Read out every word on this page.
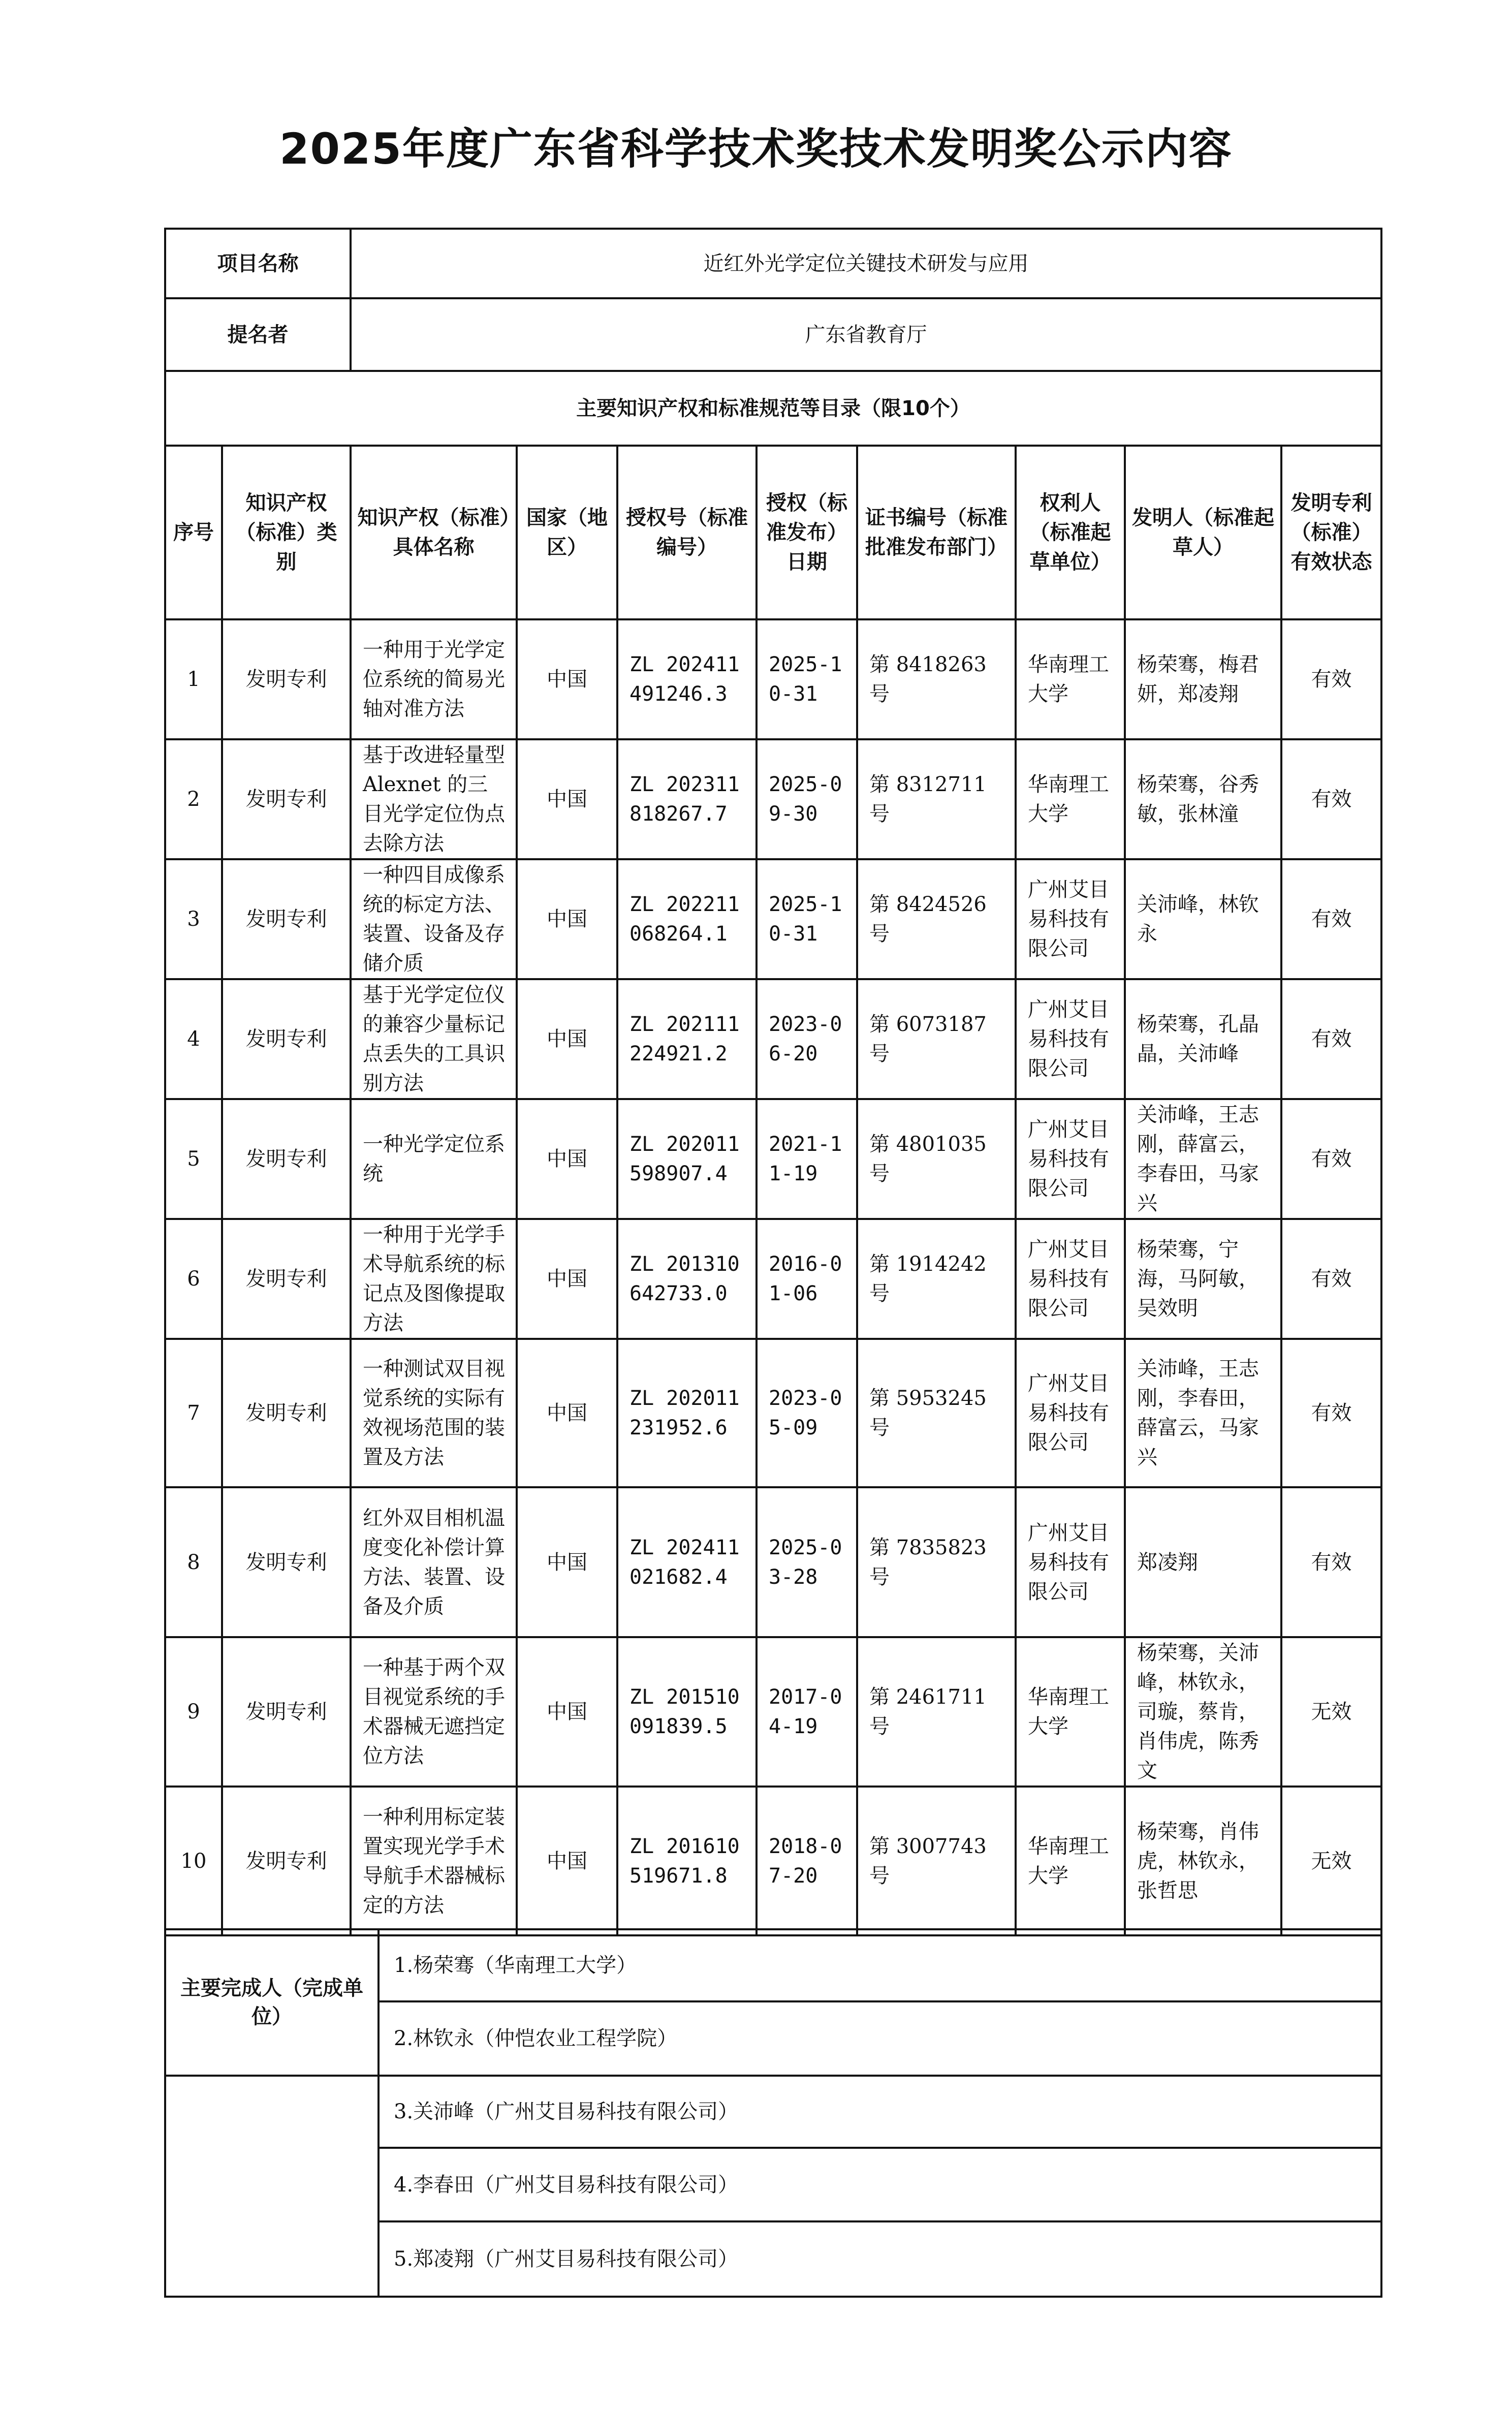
2025年度广东省科学技术奖技术发明奖公示内容
项目名称		近红外光学定位关键技术研发与应用							
提名者		广东省教育厅							
主要知识产权和标准规范等目录（限10个）									
序号	知识产权（标准）类别	知识产权（标准）具体名称	国家（地区）	授权号（标准编号）	授权（标准发布）日期	证书编号（标准批准发布部门）	权利人（标准起草单位）	发明人（标准起草人）	发明专利（标准）有效状态
1	发明专利	一种用于光学定位系统的简易光轴对准方法	中国	ZL 202411491246.3	2025-10-31	第 8418263 号	华南理工大学	杨荣骞，梅君妍，郑凌翔	有效
2	发明专利	基于改进轻量型 Alexnet 的三目光学定位伪点去除方法	中国	ZL 202311818267.7	2025-09-30	第 8312711 号	华南理工大学	杨荣骞，谷秀敏，张林潼	有效
3	发明专利	一种四目成像系统的标定方法、装置、设备及存储介质	中国	ZL 202211068264.1	2025-10-31	第 8424526 号	广州艾目易科技有限公司	关沛峰，林钦永	有效
4	发明专利	基于光学定位仪的兼容少量标记点丢失的工具识别方法	中国	ZL 202111224921.2	2023-06-20	第 6073187 号	广州艾目易科技有限公司	杨荣骞，孔晶晶，关沛峰	有效
5	发明专利	一种光学定位系统	中国	ZL 202011598907.4	2021-11-19	第 4801035 号	广州艾目易科技有限公司	关沛峰，王志刚，薛富云，李春田，马家兴	有效
6	发明专利	一种用于光学手术导航系统的标记点及图像提取方法	中国	ZL 201310642733.0	2016-01-06	第 1914242 号	广州艾目易科技有限公司	杨荣骞，宁海，马阿敏，吴效明	有效
7	发明专利	一种测试双目视觉系统的实际有效视场范围的装置及方法	中国	ZL 202011231952.6	2023-05-09	第 5953245 号	广州艾目易科技有限公司	关沛峰，王志刚，李春田，薛富云，马家兴	有效
8	发明专利	红外双目相机温度变化补偿计算方法、装置、设备及介质	中国	ZL 202411021682.4	2025-03-28	第 7835823 号	广州艾目易科技有限公司	郑凌翔	有效
9	发明专利	一种基于两个双目视觉系统的手术器械无遮挡定位方法	中国	ZL 201510091839.5	2017-04-19	第 2461711 号	华南理工大学	杨荣骞，关沛峰，林钦永，司璇，蔡肯，肖伟虎，陈秀文	无效
10	发明专利	一种利用标定装置实现光学手术导航手术器械标定的方法	中国	ZL 201610519671.8	2018-07-20	第 3007743 号	华南理工大学	杨荣骞，肖伟虎，林钦永，张哲思	无效
主要完成人（完成单位）	1.杨荣骞（华南理工大学）
	2.林钦永（仲恺农业工程学院）
	3.关沛峰（广州艾目易科技有限公司）
	4.李春田（广州艾目易科技有限公司）
	5.郑凌翔（广州艾目易科技有限公司）
